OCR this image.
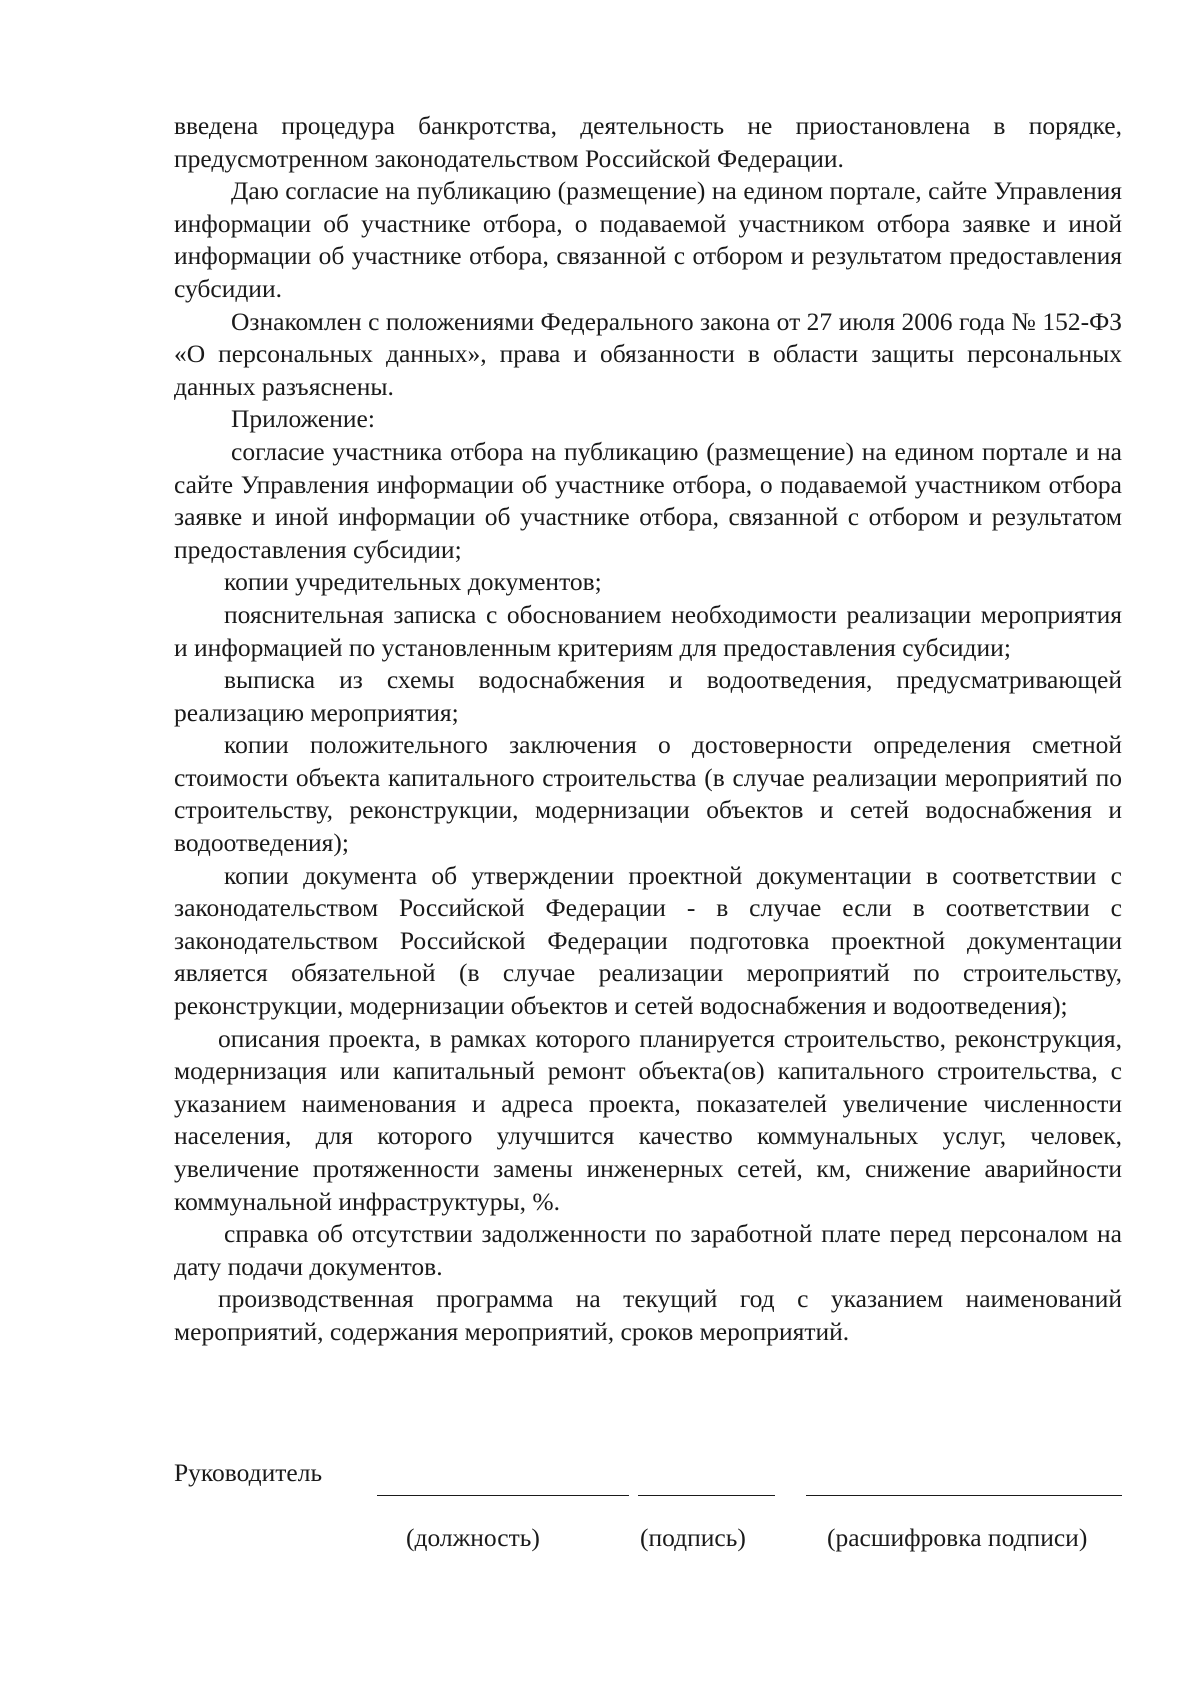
введена процедура банкротства, деятельность не приостановлена в порядке, предусмотренном законодательством Российской Федерации.

Даю согласие на публикацию (размещение) на едином портале, сайте Управления информации об участнике отбора, о подаваемой участником отбора заявке и иной информации об участнике отбора, связанной с отбором и результатом предоставления субсидии.

Ознакомлен с положениями Федерального закона от 27 июля 2006 года № 152-ФЗ «О персональных данных», права и обязанности в области защиты персональных данных разъяснены.

Приложение:

согласие участника отбора на публикацию (размещение) на едином портале и на сайте Управления информации об участнике отбора, о подаваемой участником отбора заявке и иной информации об участнике отбора, связанной с отбором и результатом предоставления субсидии;

копии учредительных документов;

пояснительная записка с обоснованием необходимости реализации мероприятия и информацией по установленным критериям для предоставления субсидии;

выписка из схемы водоснабжения и водоотведения, предусматривающей реализацию мероприятия;

копии положительного заключения о достоверности определения сметной стоимости объекта капитального строительства (в случае реализации мероприятий по строительству, реконструкции, модернизации объектов и сетей водоснабжения и водоотведения);

копии документа об утверждении проектной документации в соответствии с законодательством Российской Федерации - в случае если в соответствии с законодательством Российской Федерации подготовка проектной документации является обязательной (в случае реализации мероприятий по строительству, реконструкции, модернизации объектов и сетей водоснабжения и водоотведения);

описания проекта, в рамках которого планируется строительство, реконструкция, модернизация или капитальный ремонт объекта(ов) капитального строительства, с указанием наименования и адреса проекта, показателей увеличение численности населения, для которого улучшится качество коммунальных услуг, человек, увеличение протяженности замены инженерных сетей, км, снижение аварийности коммунальной инфраструктуры, %.

справка об отсутствии задолженности по заработной плате перед персоналом на дату подачи документов.

производственная программа на текущий год с указанием наименований мероприятий, содержания мероприятий, сроков мероприятий.

Руководитель
(должность)	(подпись)	(расшифровка подписи)
